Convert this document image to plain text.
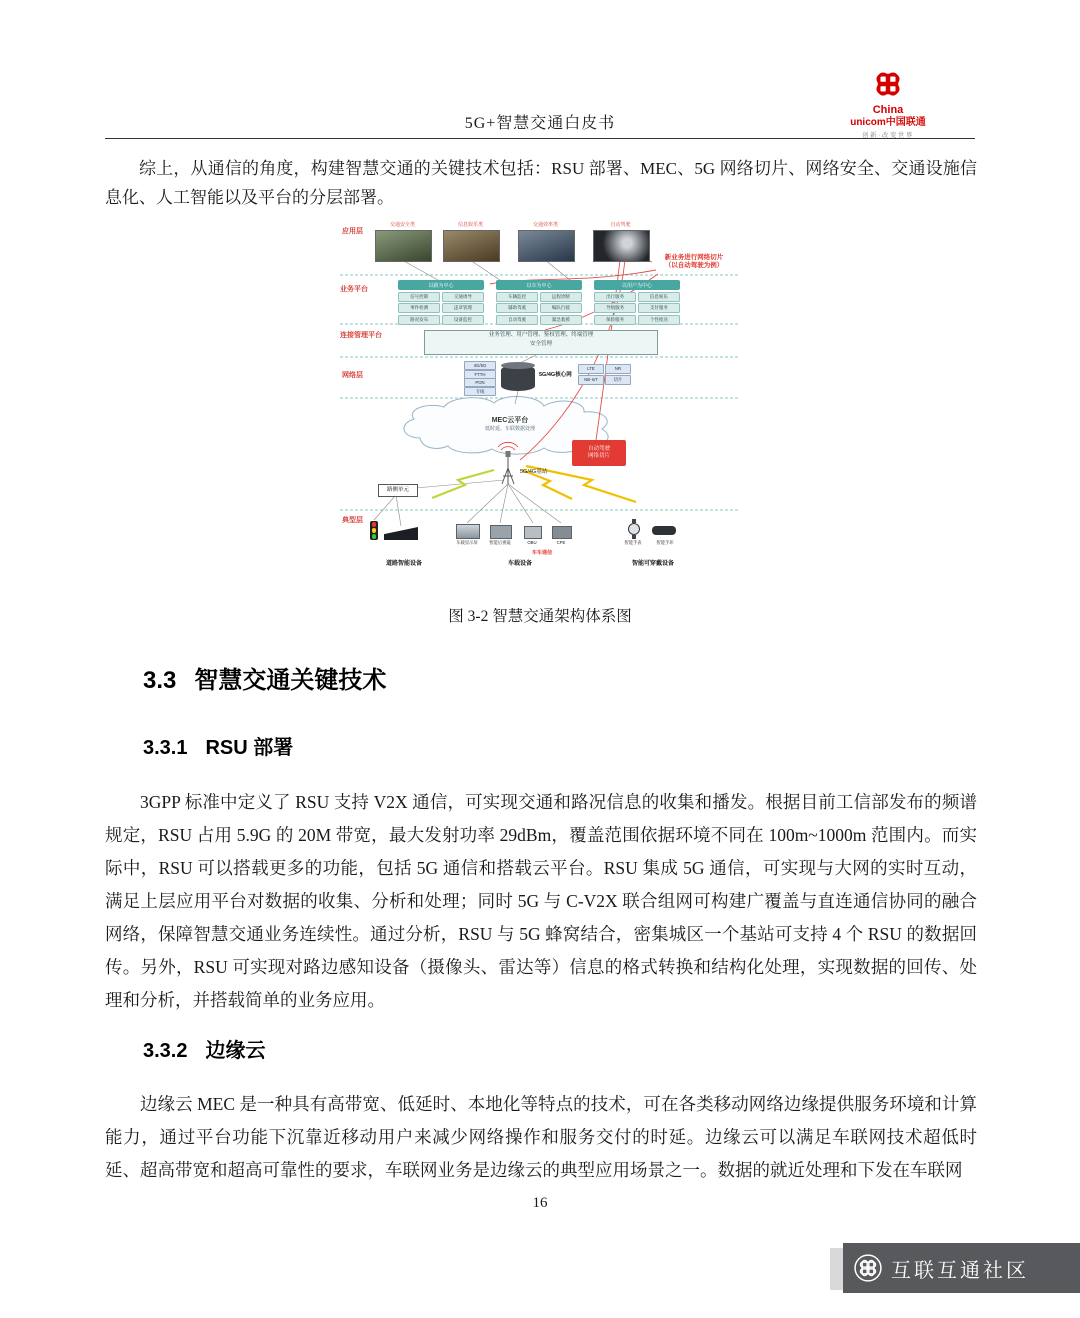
5G+智慧交通白皮书
China
unicom中国联通
创新·改变世界
综上，从通信的角度，构建智慧交通的关键技术包括：RSU 部署、MEC、5G 网络切片、网络安全、交通设施信息化、人工智能以及平台的分层部署。
应用层
业务平台
连接管理平台
网络层
典型层
交通安全类	信息娱乐类	交通效率类	自动驾驶
新业务进行网络切片
（以自动驾驶为例）
以路为中心
信号控制	交通诱导
事件检测	违章管理
路况发布	设备监控
以车为中心
车辆监控	远程诊断
辅助驾驶	编队行驶
自动驾驶	紧急救援
以用户为中心
出行服务	信息娱乐
导航服务	支付服务
保险服务	个性推送
业务管理、用户管理、鉴权管理、终端管理
安全管理
4G/5G
FTTH
PON
专线
5G/4G核心网
LTE	NR
NB-IoT	切片
MEC云平台
低时延、车联数据处理
自动驾驶
网络切片
5G/4G基站
路侧单元
车载显示屏	智能后视镜	OBU	CPE
车车通信
智能手表	智能手环
道路智能设备	车载设备	智能可穿戴设备
图 3-2 智慧交通架构体系图
3.3 智慧交通关键技术
3.3.1 RSU 部署
3GPP 标准中定义了 RSU 支持 V2X 通信，可实现交通和路况信息的收集和播发。根据目前工信部发布的频谱规定，RSU 占用 5.9G 的 20M 带宽，最大发射功率 29dBm，覆盖范围依据环境不同在 100m~1000m 范围内。而实际中，RSU 可以搭载更多的功能，包括 5G 通信和搭载云平台。RSU 集成 5G 通信，可实现与大网的实时互动，满足上层应用平台对数据的收集、分析和处理；同时 5G 与 C-V2X 联合组网可构建广覆盖与直连通信协同的融合网络，保障智慧交通业务连续性。通过分析，RSU 与 5G 蜂窝结合，密集城区一个基站可支持 4 个 RSU 的数据回传。另外，RSU 可实现对路边感知设备（摄像头、雷达等）信息的格式转换和结构化处理，实现数据的回传、处理和分析，并搭载简单的业务应用。
3.3.2 边缘云
边缘云 MEC 是一种具有高带宽、低延时、本地化等特点的技术，可在各类移动网络边缘提供服务环境和计算能力，通过平台功能下沉靠近移动用户来减少网络操作和服务交付的时延。边缘云可以满足车联网技术超低时延、超高带宽和超高可靠性的要求，车联网业务是边缘云的典型应用场景之一。数据的就近处理和下发在车联网
16
互联互通社区
